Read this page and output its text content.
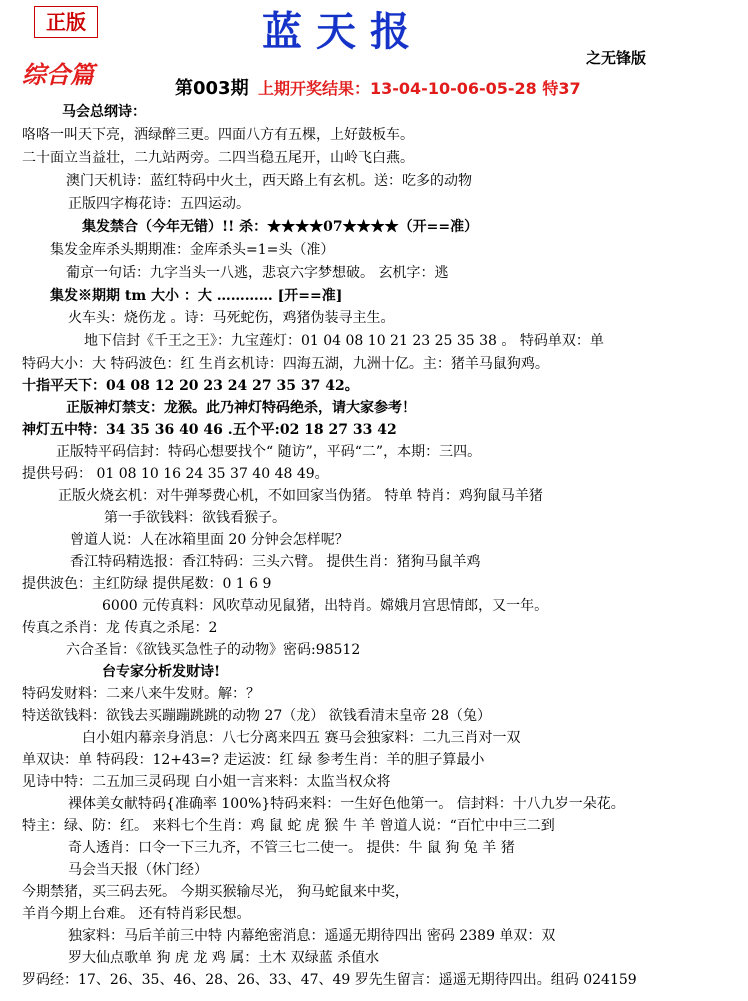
正版	蓝天报
之无锋版
综合篇	第003期 上期开奖结果：13-04-10-06-05-28 特37
马会总纲诗：
咯咯一叫天下亮，洒绿醉三更。四面八方有五棵，上好鼓板车。
二十面立当益壮，二九站两旁。二四当稳五尾开，山岭飞白燕。
澳门天机诗：蓝红特码中火土，西天路上有玄机。送：吃多的动物
正版四字梅花诗：五四运动。
集发禁合（今年无错）!! 杀：★★★★07★★★★（开==准）
集发金库杀头期期准：金库杀头=1=头（准）
葡京一句话：九字当头一八逃，悲哀六字梦想破。 玄机字：逃
集发※期期 tm 大小 ：大 ………… [开==准]
火车头：烧伤龙 。诗：马死蛇伤，鸡猪伪装寻主生。
地下信封《千王之王》：九宝莲灯：01 04 08 10 21 23 25 35 38 。 特码单双：单
特码大小：大 特码波色：红 生肖玄机诗：四海五湖，九洲十亿。主：猪羊马鼠狗鸡。
十指平天下：04 08 12 20 23 24 27 35 37 42。
正版神灯禁支：龙猴。此乃神灯特码绝杀，请大家参考！
神灯五中特：34 35 36 40 46 .五个平:02 18 27 33 42
正版特平码信封：特码心想要找个“ 随访”，平码“二”，本期：三四。
提供号码： 01 08 10 16 24 35 37 40 48 49。
正版火烧玄机：对牛弹琴费心机，不如回家当伪猪。 特单 特肖：鸡狗鼠马羊猪
第一手欲钱料：欲钱看猴子。
曾道人说：人在冰箱里面 20 分钟会怎样呢？
香江特码精选报：香江特码：三头六臂。 提供生肖：猪狗马鼠羊鸡
提供波色：主红防绿 提供尾数：0 1 6 9
6000 元传真料：风吹草动见鼠猪，出特肖。嫦娥月宫思情郎，又一年。
传真之杀肖：龙 传真之杀尾：2
六合圣旨：《欲钱买急性子的动物》密码:98512
台专家分析发财诗!
特码发财料：二来八来牛发财。解：？
特送欲钱料：欲钱去买蹦蹦跳跳的动物 27（龙） 欲钱看清末皇帝 28（兔）
白小姐内幕亲身消息：八七分离来四五 赛马会独家料：二九三肖对一双
单双诀：单 特码段：12+43=? 走运波：红 绿 参考生肖：羊的胆子算最小
见诗中特：二五加三灵码现 白小姐一言来料：太监当权众将
裸体美女献特码{准确率 100%}特码来料：一生好色他第一。 信封料：十八九岁一朵花。
特主：绿、防：红。 来料七个生肖：鸡 鼠 蛇 虎 猴 牛 羊 曾道人说：“百忙中中三二到
奇人透肖：口令一下三九齐，不管三七二使一。 提供：牛 鼠 狗 兔 羊 猪
马会当天报（休门经）
今期禁猪，买三码去死。 今期买猴输尽光， 狗马蛇鼠来中奖，
羊肖今期上台难。 还有特肖彩民想。
独家料：马后羊前三中特 内幕绝密消息：遥遥无期待四出 密码 2389 单双：双
罗大仙点歌单 狗 虎 龙 鸡 属：土木 双绿蓝 杀值水
罗码经：17、26、35、46、28、26、33、47、49 罗先生留言：遥遥无期待四出。组码 024159
